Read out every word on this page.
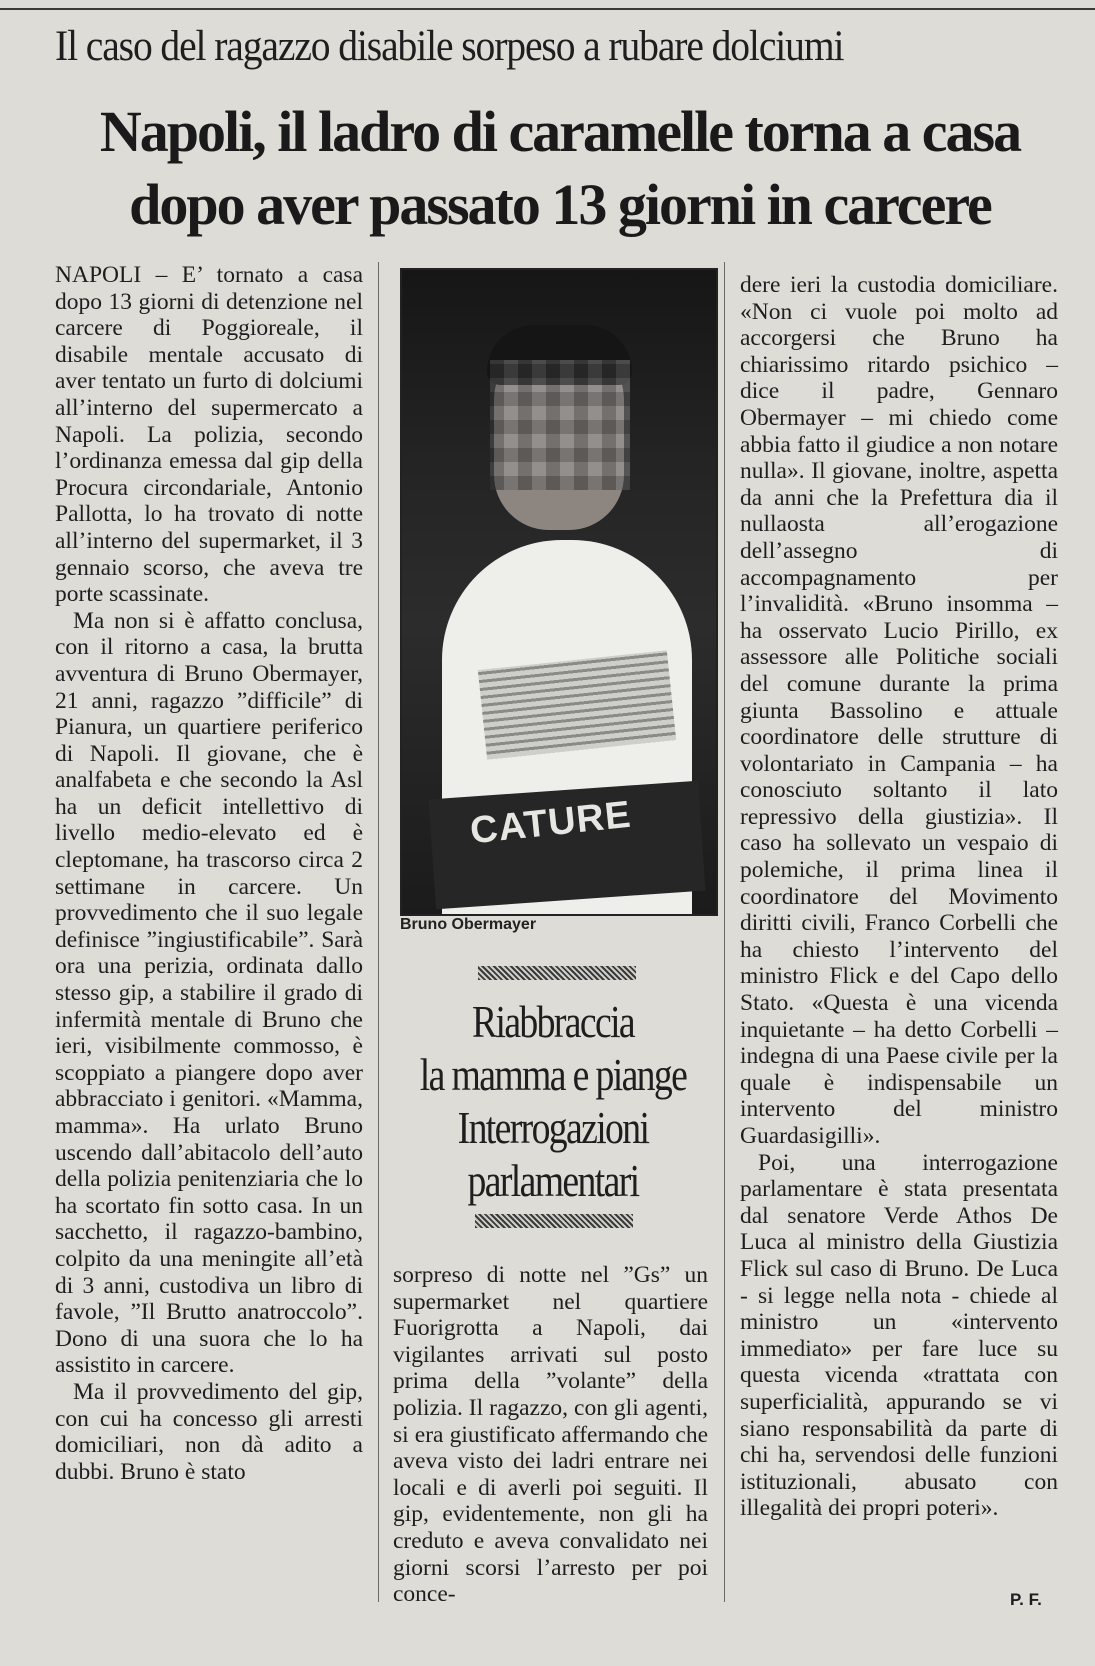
Il caso del ragazzo disabile sorpeso a rubare dolciumi
Napoli, il ladro di caramelle torna a casa
dopo aver passato 13 giorni in carcere

NAPOLI – E’ tornato a casa dopo 13 giorni di detenzione nel carcere di Poggioreale, il disabile mentale accusato di aver tentato un furto di dolciumi all’interno del supermercato a Napoli. La polizia, secondo l’ordinanza emessa dal gip della Procura circondariale, Antonio Pallotta, lo ha trovato di notte all’interno del supermarket, il 3 gennaio scorso, che aveva tre porte scassinate.

Ma non si è affatto conclusa, con il ritorno a casa, la brutta avventura di Bruno Obermayer, 21 anni, ragazzo ”difficile” di Pianura, un quartiere periferico di Napoli. Il giovane, che è analfabeta e che secondo la Asl ha un deficit intellettivo di livello medio-elevato ed è cleptomane, ha trascorso circa 2 settimane in carcere. Un provvedimento che il suo legale definisce ”ingiustificabile”. Sarà ora una perizia, ordinata dallo stesso gip, a stabilire il grado di infermità mentale di Bruno che ieri, visibilmente commosso, è scoppiato a piangere dopo aver abbracciato i genitori. «Mamma, mamma». Ha urlato Bruno uscendo dall’abitacolo dell’auto della polizia penitenziaria che lo ha scortato fin sotto casa. In un sacchetto, il ragazzo-bambino, colpito da una meningite all’età di 3 anni, custodiva un libro di favole, ”Il Brutto anatroccolo”. Dono di una suora che lo ha assistito in carcere.

Ma il provvedimento del gip, con cui ha concesso gli arresti domiciliari, non dà adito a dubbi. Bruno è stato

CATURE
Bruno Obermayer
Riabbraccia
la mamma e piange
Interrogazioni
parlamentari

sorpreso di notte nel ”Gs” un supermarket nel quartiere Fuorigrotta a Napoli, dai vigilantes arrivati sul posto prima della ”volante” della polizia. Il ragazzo, con gli agenti, si era giustificato affermando che aveva visto dei ladri entrare nei locali e di averli poi seguiti. Il gip, evidentemente, non gli ha creduto e aveva convalidato nei giorni scorsi l’arresto per poi conce-

dere ieri la custodia domiciliare. «Non ci vuole poi molto ad accorgersi che Bruno ha chiarissimo ritardo psichico – dice il padre, Gennaro Obermayer – mi chiedo come abbia fatto il giudice a non notare nulla». Il giovane, inoltre, aspetta da anni che la Prefettura dia il nullaosta all’erogazione dell’assegno di accompagnamento per l’invalidità. «Bruno insomma – ha osservato Lucio Pirillo, ex assessore alle Politiche sociali del comune durante la prima giunta Bassolino e attuale coordinatore delle strutture di volontariato in Campania – ha conosciuto soltanto il lato repressivo della giustizia». Il caso ha sollevato un vespaio di polemiche, il prima linea il coordinatore del Movimento diritti civili, Franco Corbelli che ha chiesto l’intervento del ministro Flick e del Capo dello Stato. «Questa è una vicenda inquietante – ha detto Corbelli – indegna di una Paese civile per la quale è indispensabile un intervento del ministro Guardasigilli».

Poi, una interrogazione parlamentare è stata presentata dal senatore Verde Athos De Luca al ministro della Giustizia Flick sul caso di Bruno. De Luca - si legge nella nota - chiede al ministro un «intervento immediato» per fare luce su questa vicenda «trattata con superficialità, appurando se vi siano responsabilità da parte di chi ha, servendosi delle funzioni istituzionali, abusato con illegalità dei propri poteri».

P. F.
